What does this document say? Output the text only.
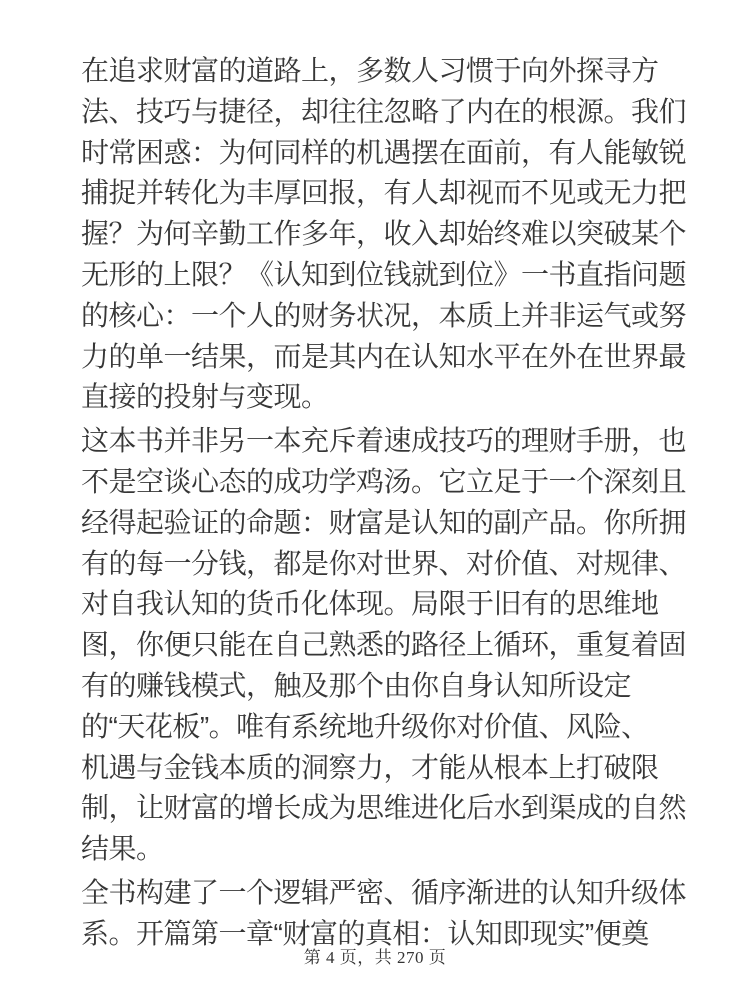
在追求财富的道路上，多数人习惯于向外探寻方
法、技巧与捷径，却往往忽略了内在的根源。我们
时常困惑：为何同样的机遇摆在面前，有人能敏锐
捕捉并转化为丰厚回报，有人却视而不见或无力把
握？为何辛勤工作多年，收入却始终难以突破某个
无形的上限？《认知到位钱就到位》一书直指问题
的核心：一个人的财务状况，本质上并非运气或努
力的单一结果，而是其内在认知水平在外在世界最
直接的投射与变现。
这本书并非另一本充斥着速成技巧的理财手册，也
不是空谈心态的成功学鸡汤。它立足于一个深刻且
经得起验证的命题：财富是认知的副产品。你所拥
有的每一分钱，都是你对世界、对价值、对规律、
对自我认知的货币化体现。局限于旧有的思维地
图，你便只能在自己熟悉的路径上循环，重复着固
有的赚钱模式，触及那个由你自身认知所设定
的“天花板”。唯有系统地升级你对价值、风险、
机遇与金钱本质的洞察力，才能从根本上打破限
制，让财富的增长成为思维进化后水到渠成的自然
结果。
全书构建了一个逻辑严密、循序渐进的认知升级体
系。开篇第一章“财富的真相：认知即现实”便奠
第 4 页，共 270 页
